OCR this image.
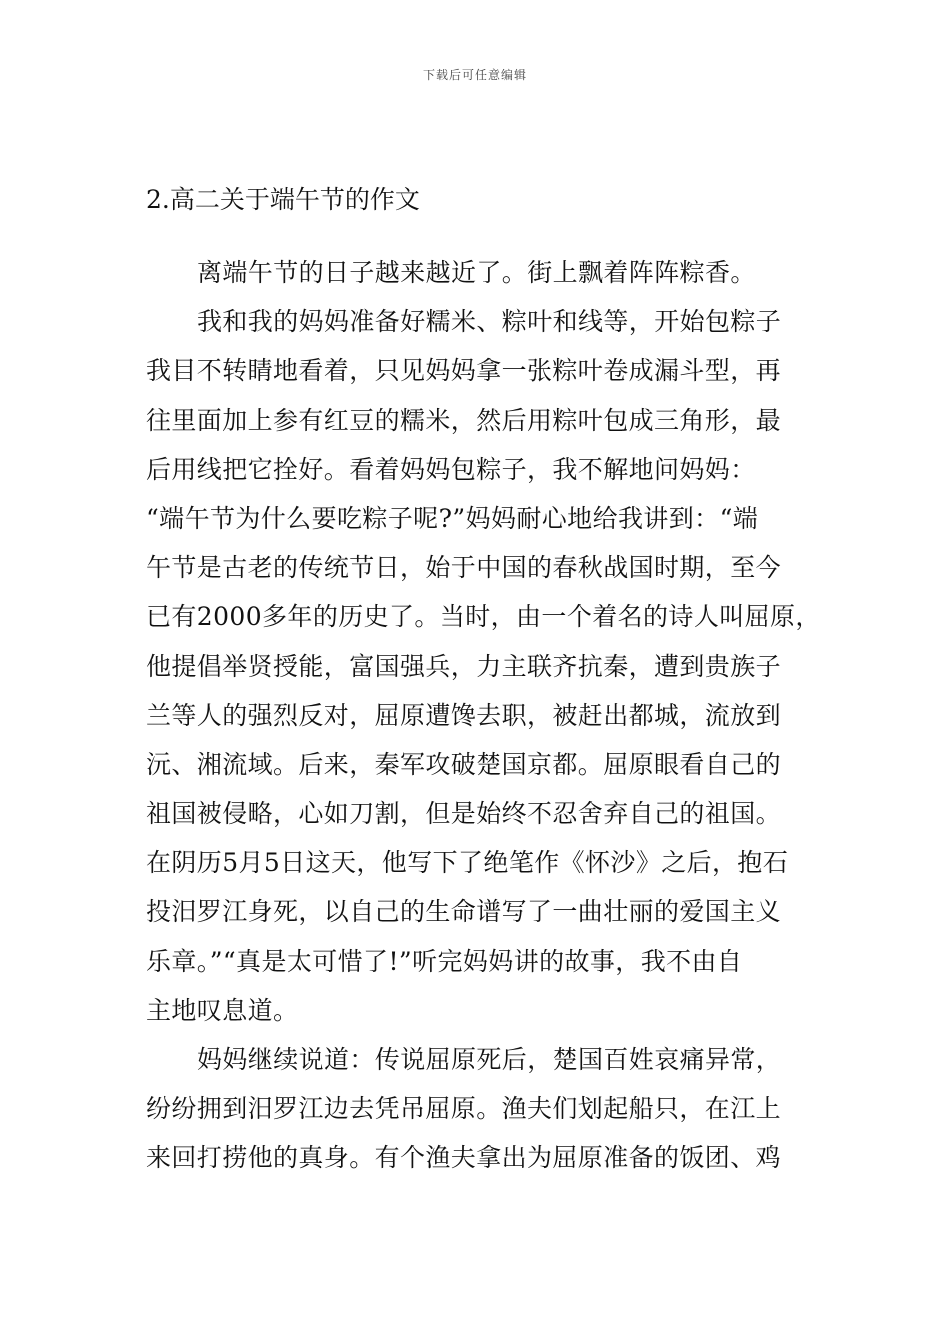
下载后可任意编辑
2.高二关于端午节的作文

离端午节的日子越来越近了。街上飘着阵阵粽香。

我和我的妈妈准备好糯米、粽叶和线等，开始包粽子
我目不转睛地看着，只见妈妈拿一张粽叶卷成漏斗型，再
往里面加上参有红豆的糯米，然后用粽叶包成三角形，最
后用线把它拴好。看着妈妈包粽子，我不解地问妈妈：
“端午节为什么要吃粽子呢?”妈妈耐心地给我讲到：“端
午节是古老的传统节日，始于中国的春秋战国时期，至今
已有2000多年的历史了。当时，由一个着名的诗人叫屈原，
他提倡举贤授能，富国强兵，力主联齐抗秦，遭到贵族子
兰等人的强烈反对，屈原遭馋去职，被赶出都城，流放到
沅、湘流域。后来，秦军攻破楚国京都。屈原眼看自己的
祖国被侵略，心如刀割，但是始终不忍舍弃自己的祖国。
在阴历5月5日这天，他写下了绝笔作《怀沙》之后，抱石
投汨罗江身死，以自己的生命谱写了一曲壮丽的爱国主义
乐章。”“真是太可惜了!”听完妈妈讲的故事，我不由自
主地叹息道。

妈妈继续说道：传说屈原死后，楚国百姓哀痛异常，
纷纷拥到汨罗江边去凭吊屈原。渔夫们划起船只，在江上
来回打捞他的真身。有个渔夫拿出为屈原准备的饭团、鸡
